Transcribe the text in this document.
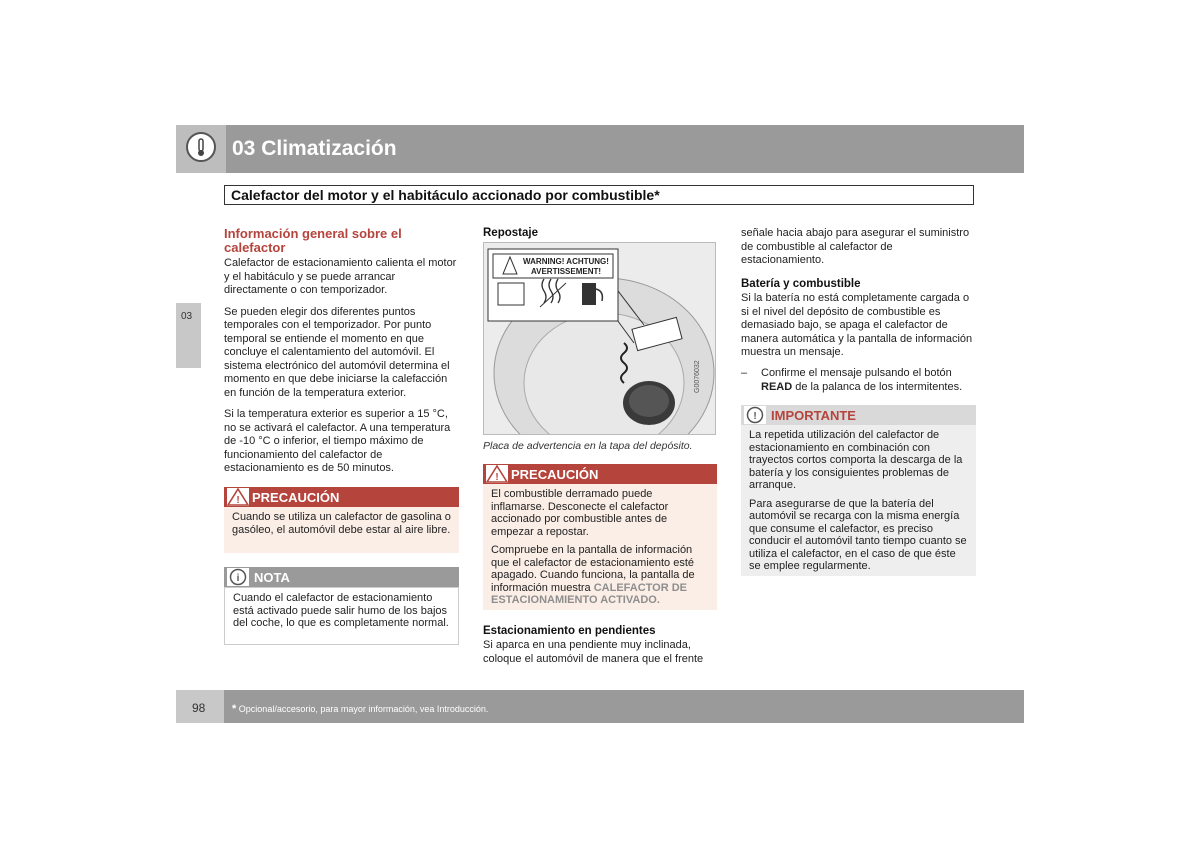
03 Climatización
Calefactor del motor y el habitáculo accionado por combustible*
03
Información general sobre el calefactor

Calefactor de estacionamiento calienta el motor y el habitáculo y se puede arrancar directamente o con temporizador.

Se pueden elegir dos diferentes puntos temporales con el temporizador. Por punto temporal se entiende el momento en que concluye el calentamiento del automóvil. El sistema electrónico del automóvil determina el momento en que debe iniciarse la calefacción en función de la temperatura exterior.

Si la temperatura exterior es superior a 15 °C, no se activará el calefactor. A una temperatura de -10 °C o inferior, el tiempo máximo de funcionamiento del calefactor de estacionamiento es de 50 minutos.

! PRECAUCIÓN
Cuando se utiliza un calefactor de gasolina o gasóleo, el automóvil debe estar al aire libre.
i NOTA
Cuando el calefactor de estacionamiento está activado puede salir humo de los bajos del coche, lo que es completamente normal.
Repostaje
WARNING! ACHTUNG!
AVERTISSEMENT!
G0076032
Placa de advertencia en la tapa del depósito.
! PRECAUCIÓN

El combustible derramado puede inflamarse. Desconecte el calefactor accionado por combustible antes de empezar a repostar.

Compruebe en la pantalla de información que el calefactor de estacionamiento esté apagado. Cuando funciona, la pantalla de información muestra CALEFACTOR DE ESTACIONAMIENTO ACTIVADO.

Estacionamiento en pendientes
Si aparca en una pendiente muy inclinada, coloque el automóvil de manera que el frente
señale hacia abajo para asegurar el suministro de combustible al calefactor de estacionamiento.
Batería y combustible
Si la batería no está completamente cargada o si el nivel del depósito de combustible es demasiado bajo, se apaga el calefactor de manera automática y la pantalla de información muestra un mensaje.
– Confirme el mensaje pulsando el botón
READ de la palanca de los intermitentes.
! IMPORTANTE

La repetida utilización del calefactor de estacionamiento en combinación con trayectos cortos comporta la descarga de la batería y los consiguientes problemas de arranque.

Para asegurarse de que la batería del automóvil se recarga con la misma energía que consume el calefactor, es preciso conducir el automóvil tanto tiempo cuanto se utiliza el calefactor, en el caso de que éste se emplee regularmente.

98 * Opcional/accesorio, para mayor información, vea Introducción.
